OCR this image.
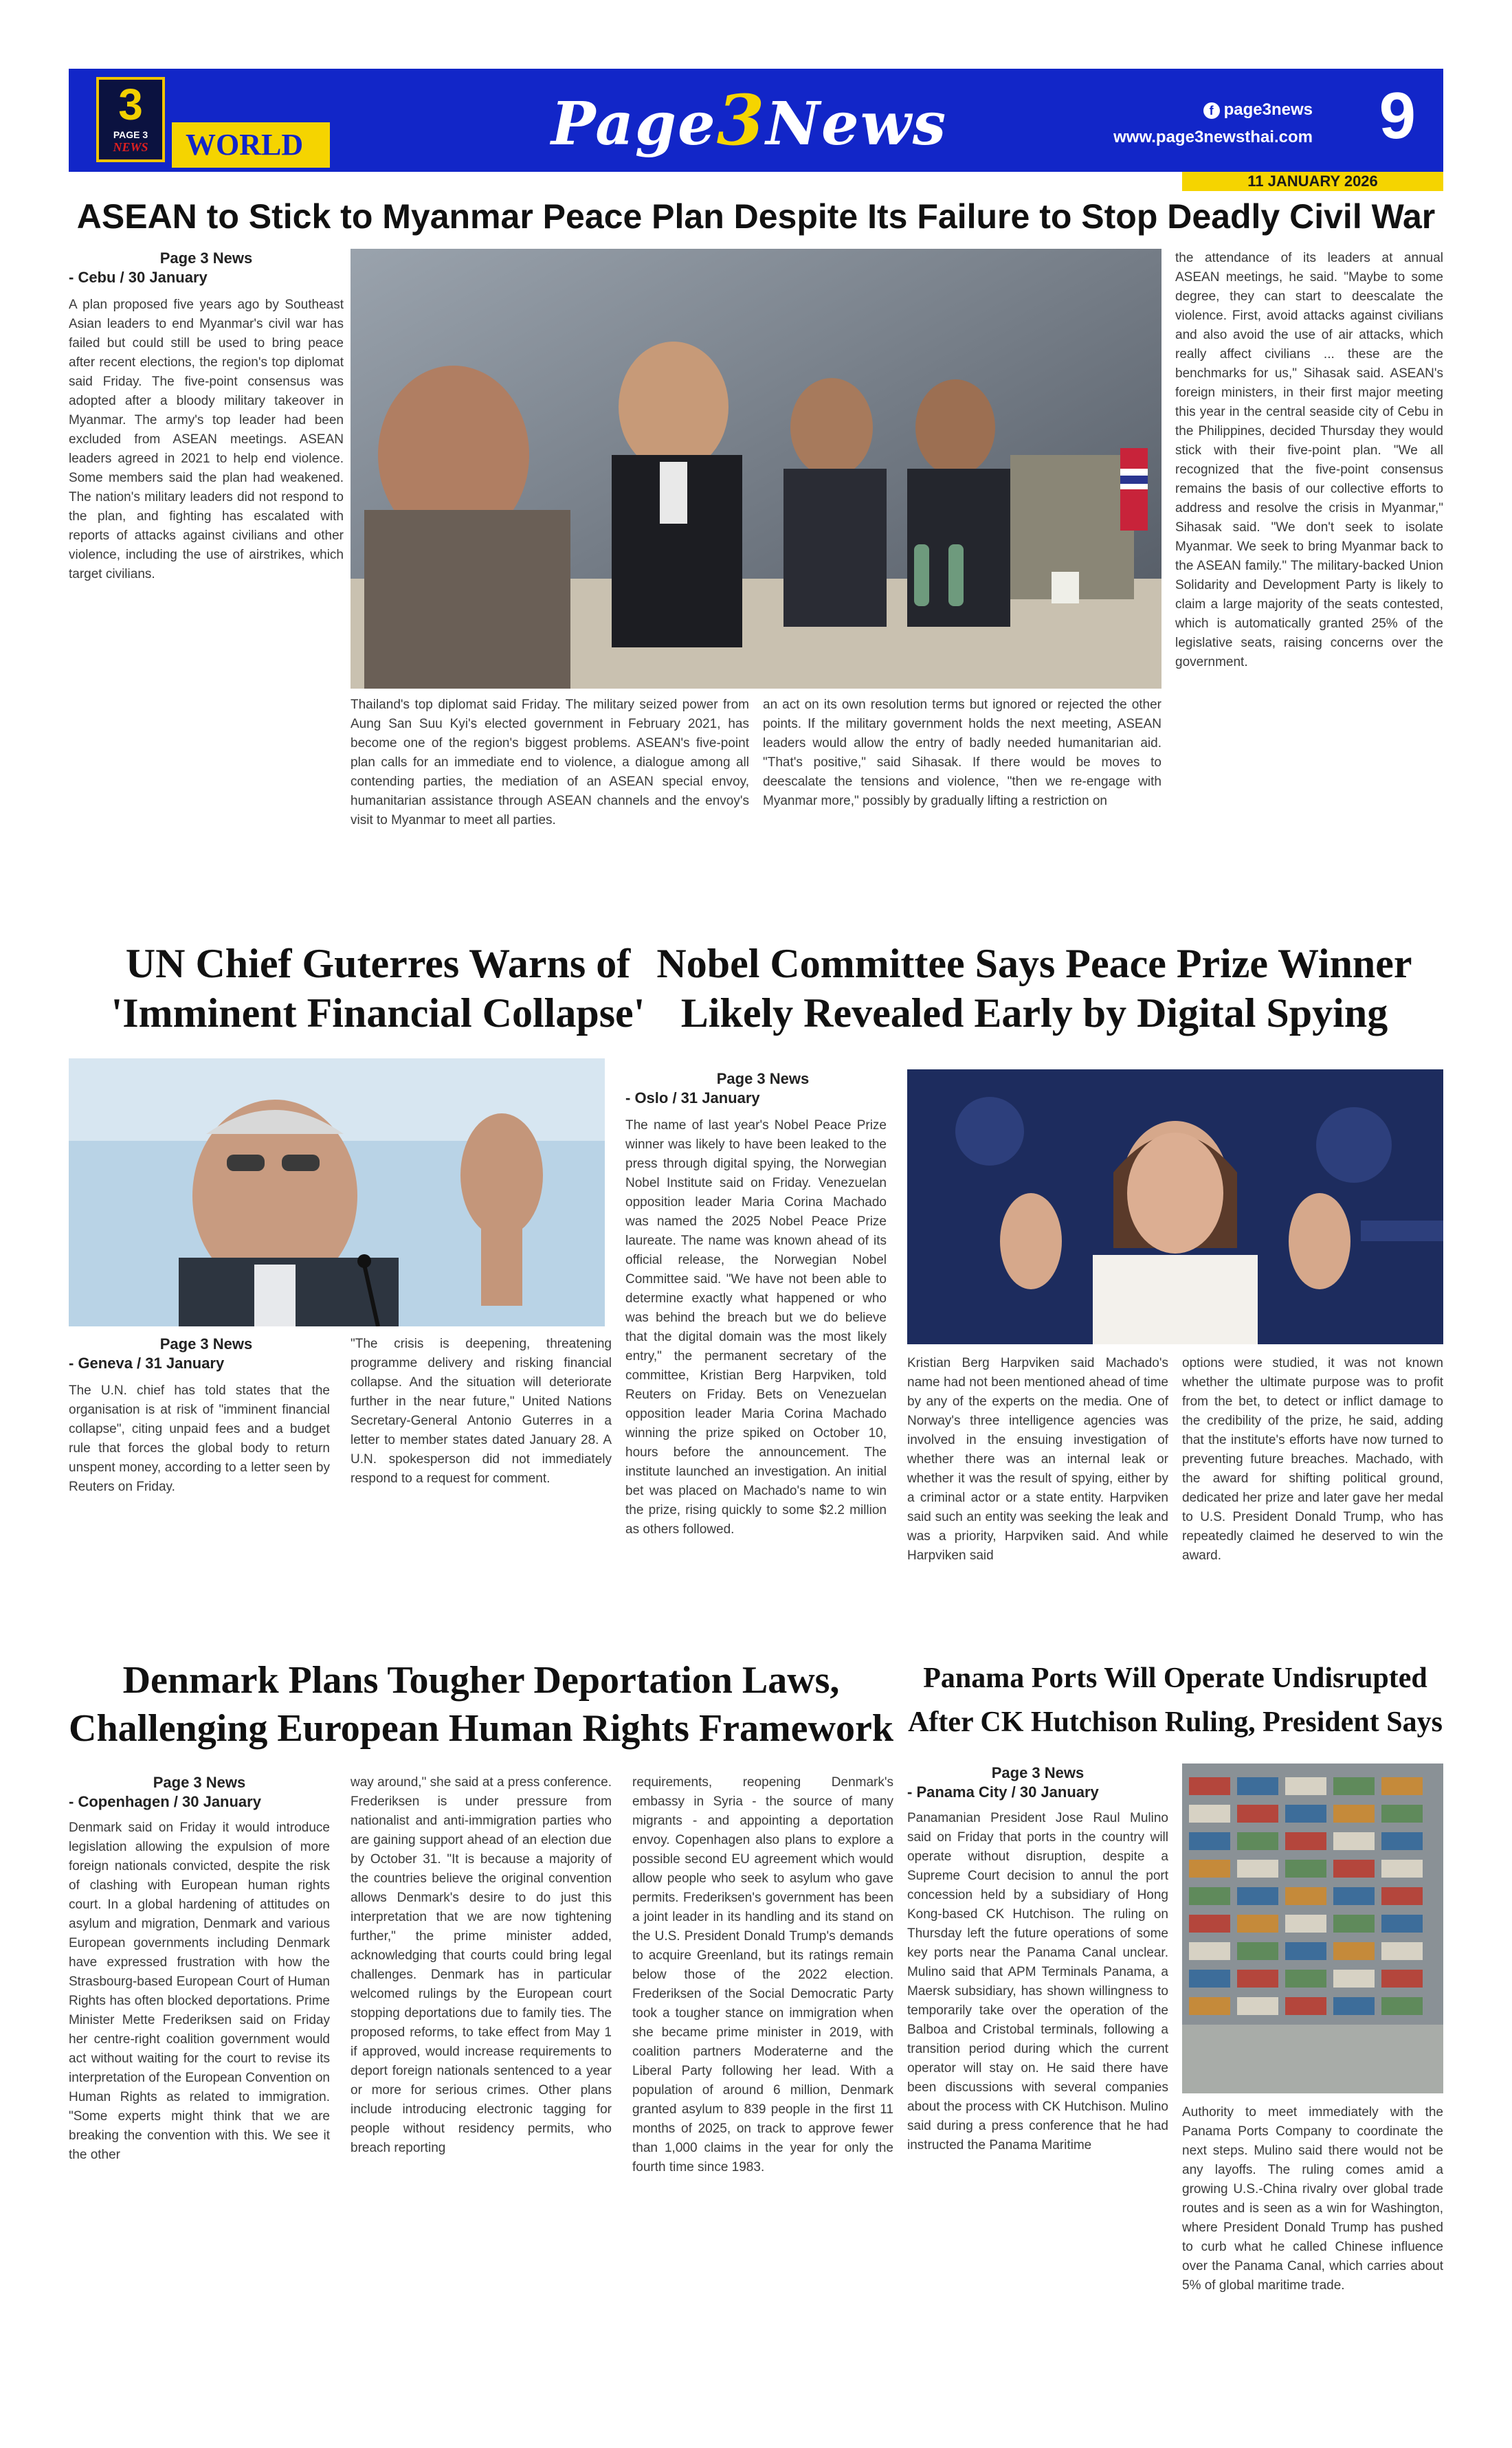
3
PAGE 3
NEWS	WORLD	Page3News	f page3news
www.page3newsthai.com 9
11 JANUARY 2026
ASEAN to Stick to Myanmar Peace Plan Despite Its Failure to Stop Deadly Civil War
Page 3 News
- Cebu / 30 January

A plan proposed five years ago by Southeast Asian leaders to end Myanmar's civil war has failed but could still be used to bring peace after recent elections, the region's top diplomat said Friday. The five-point consensus was adopted after a bloody military takeover in Myanmar. The army's top leader had been excluded from ASEAN meetings. ASEAN leaders agreed in 2021 to help end violence. Some members said the plan had weakened. The nation's military leaders did not respond to the plan, and fighting has escalated with reports of attacks against civilians and other violence, including the use of airstrikes, which target civilians.

the attendance of its leaders at annual ASEAN meetings, he said. "Maybe to some degree, they can start to deescalate the violence. First, avoid attacks against civilians and also avoid the use of air attacks, which really affect civilians ... these are the benchmarks for us," Sihasak said. ASEAN's foreign ministers, in their first major meeting this year in the central seaside city of Cebu in the Philippines, decided Thursday they would stick with their five-point plan. "We all recognized that the five-point consensus remains the basis of our collective efforts to address and resolve the crisis in Myanmar," Sihasak said. "We don't seek to isolate Myanmar. We seek to bring Myanmar back to the ASEAN family." The military-backed Union Solidarity and Development Party is likely to claim a large majority of the seats contested, which is automatically granted 25% of the legislative seats, raising concerns over the government.

Thailand's top diplomat said Friday. The military seized power from Aung San Suu Kyi's elected government in February 2021, has become one of the region's biggest problems. ASEAN's five-point plan calls for an immediate end to violence, a dialogue among all contending parties, the mediation of an ASEAN special envoy, humanitarian assistance through ASEAN channels and the envoy's visit to Myanmar to meet all parties.

an act on its own resolution terms but ignored or rejected the other points. If the military government holds the next meeting, ASEAN leaders would allow the entry of badly needed humanitarian aid. "That's positive," said Sihasak. If there would be moves to deescalate the tensions and violence, "then we re-engage with Myanmar more," possibly by gradually lifting a restriction on

UN Chief Guterres Warns of
'Imminent Financial Collapse'
Page 3 News
- Geneva / 31 January

The U.N. chief has told states that the organisation is at risk of "imminent financial collapse", citing unpaid fees and a budget rule that forces the global body to return unspent money, according to a letter seen by Reuters on Friday.

"The crisis is deepening, threatening programme delivery and risking financial collapse. And the situation will deteriorate further in the near future," United Nations Secretary-General Antonio Guterres in a letter to member states dated January 28. A U.N. spokesperson did not immediately respond to a request for comment.

Nobel Committee Says Peace Prize Winner
Likely Revealed Early by Digital Spying
Page 3 News
- Oslo / 31 January

The name of last year's Nobel Peace Prize winner was likely to have been leaked to the press through digital spying, the Norwegian Nobel Institute said on Friday. Venezuelan opposition leader Maria Corina Machado was named the 2025 Nobel Peace Prize laureate. The name was known ahead of its official release, the Norwegian Nobel Committee said. "We have not been able to determine exactly what happened or who was behind the breach but we do believe that the digital domain was the most likely entry," the permanent secretary of the committee, Kristian Berg Harpviken, told Reuters on Friday. Bets on Venezuelan opposition leader Maria Corina Machado winning the prize spiked on October 10, hours before the announcement. The institute launched an investigation. An initial bet was placed on Machado's name to win the prize, rising quickly to some $2.2 million as others followed.

Kristian Berg Harpviken said Machado's name had not been mentioned ahead of time by any of the experts on the media. One of Norway's three intelligence agencies was involved in the ensuing investigation of whether there was an internal leak or whether it was the result of spying, either by a criminal actor or a state entity. Harpviken said such an entity was seeking the leak and was a priority, Harpviken said. And while Harpviken said

options were studied, it was not known whether the ultimate purpose was to profit from the bet, to detect or inflict damage to the credibility of the prize, he said, adding that the institute's efforts have now turned to preventing future breaches. Machado, with the award for shifting political ground, dedicated her prize and later gave her medal to U.S. President Donald Trump, who has repeatedly claimed he deserved to win the award.

Denmark Plans Tougher Deportation Laws,
Challenging European Human Rights Framework
Page 3 News
- Copenhagen / 30 January

Denmark said on Friday it would introduce legislation allowing the expulsion of more foreign nationals convicted, despite the risk of clashing with European human rights court. In a global hardening of attitudes on asylum and migration, Denmark and various European governments including Denmark have expressed frustration with how the Strasbourg-based European Court of Human Rights has often blocked deportations. Prime Minister Mette Frederiksen said on Friday her centre-right coalition government would act without waiting for the court to revise its interpretation of the European Convention on Human Rights as related to immigration. "Some experts might think that we are breaking the convention with this. We see it the other

way around," she said at a press conference. Frederiksen is under pressure from nationalist and anti-immigration parties who are gaining support ahead of an election due by October 31. "It is because a majority of the countries believe the original convention allows Denmark's desire to do just this interpretation that we are now tightening further," the prime minister added, acknowledging that courts could bring legal challenges. Denmark has in particular welcomed rulings by the European court stopping deportations due to family ties. The proposed reforms, to take effect from May 1 if approved, would increase requirements to deport foreign nationals sentenced to a year or more for serious crimes. Other plans include introducing electronic tagging for people without residency permits, who breach reporting

requirements, reopening Denmark's embassy in Syria - the source of many migrants - and appointing a deportation envoy. Copenhagen also plans to explore a possible second EU agreement which would allow people who seek to asylum who gave permits. Frederiksen's government has been a joint leader in its handling and its stand on the U.S. President Donald Trump's demands to acquire Greenland, but its ratings remain below those of the 2022 election. Frederiksen of the Social Democratic Party took a tougher stance on immigration when she became prime minister in 2019, with coalition partners Moderaterne and the Liberal Party following her lead. With a population of around 6 million, Denmark granted asylum to 839 people in the first 11 months of 2025, on track to approve fewer than 1,000 claims in the year for only the fourth time since 1983.

Panama Ports Will Operate Undisrupted
After CK Hutchison Ruling, President Says
Page 3 News
- Panama City / 30 January

Panamanian President Jose Raul Mulino said on Friday that ports in the country will operate without disruption, despite a Supreme Court decision to annul the port concession held by a subsidiary of Hong Kong-based CK Hutchison. The ruling on Thursday left the future operations of some key ports near the Panama Canal unclear. Mulino said that APM Terminals Panama, a Maersk subsidiary, has shown willingness to temporarily take over the operation of the Balboa and Cristobal terminals, following a transition period during which the current operator will stay on. He said there have been discussions with several companies about the process with CK Hutchison. Mulino said during a press conference that he had instructed the Panama Maritime

Authority to meet immediately with the Panama Ports Company to coordinate the next steps. Mulino said there would not be any layoffs. The ruling comes amid a growing U.S.-China rivalry over global trade routes and is seen as a win for Washington, where President Donald Trump has pushed to curb what he called Chinese influence over the Panama Canal, which carries about 5% of global maritime trade.
